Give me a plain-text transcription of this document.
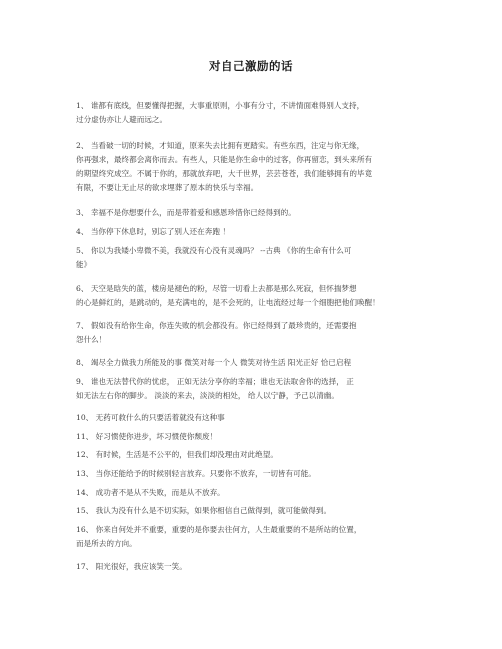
对自己激励的话
1、 谁都有底线，但要懂得把握，大事重原则，小事有分寸，不讲情面难得别人支持，
过分虚伪亦让人避而远之。
2、 当看破一切的时候，才知道，原来失去比拥有更踏实。有些东西，注定与你无缘，
你再强求，最终都会离你而去。有些人，只能是你生命中的过客，你再留恋，到头来所有
的期望终究成空。不属于你的，那就放弃吧，大千世界，芸芸苍苍，我们能够拥有的毕竟
有限，不要让无止尽的欲求埋葬了原本的快乐与幸福。
3、 幸福不是你想要什么，而是带着爱和感恩珍惜你已经得到的。
4、 当你停下休息时，别忘了别人还在奔跑 ！
5、 你以为我矮小卑微不美，我就没有心没有灵魂吗？ --古典 《你的生命有什么可
能》
6、 天空是晗失的蓝，楼房是褪色的粉，尽管一切看上去都是那么死寂，但怀揣梦想
的心是鲜红的，是跳动的，是充满电的，是不会死的，让电流经过每一个细胞把他们唤醒！
7、 假如没有给你生命，你连失败的机会都没有。你已经得到了最珍贵的，还需要抱
怨什么！
8、 竭尽全力做我力所能及的事 微笑对每一个人 微笑对待生活 阳光正好 恰已启程
9、 谁也无法替代你的忧虑， 正如无法分享你的幸福；谁也无法取舍你的选择， 正
如无法左右你的脚步。 淡淡的来去，淡淡的相处， 给人以宁静，予己以清幽。
10、 无药可救什么的只要活着就没有这种事
11、 好习惯使你进步，坏习惯使你颓废！
12、 有时候，生活是不公平的，但我们却没理由对此绝望。
13、 当你还能给予的时候别轻言放弃。只要你不放弃，一切皆有可能。
14、 成功者不是从不失败，而是从不放弃。
15、 我认为没有什么是不切实际，如果你相信自己做得到，就可能做得到。
16、 你来自何处并不重要，重要的是你要去往何方，人生最重要的不是所站的位置，
而是所去的方向。
17、 阳光很好，我应该笑一笑。
